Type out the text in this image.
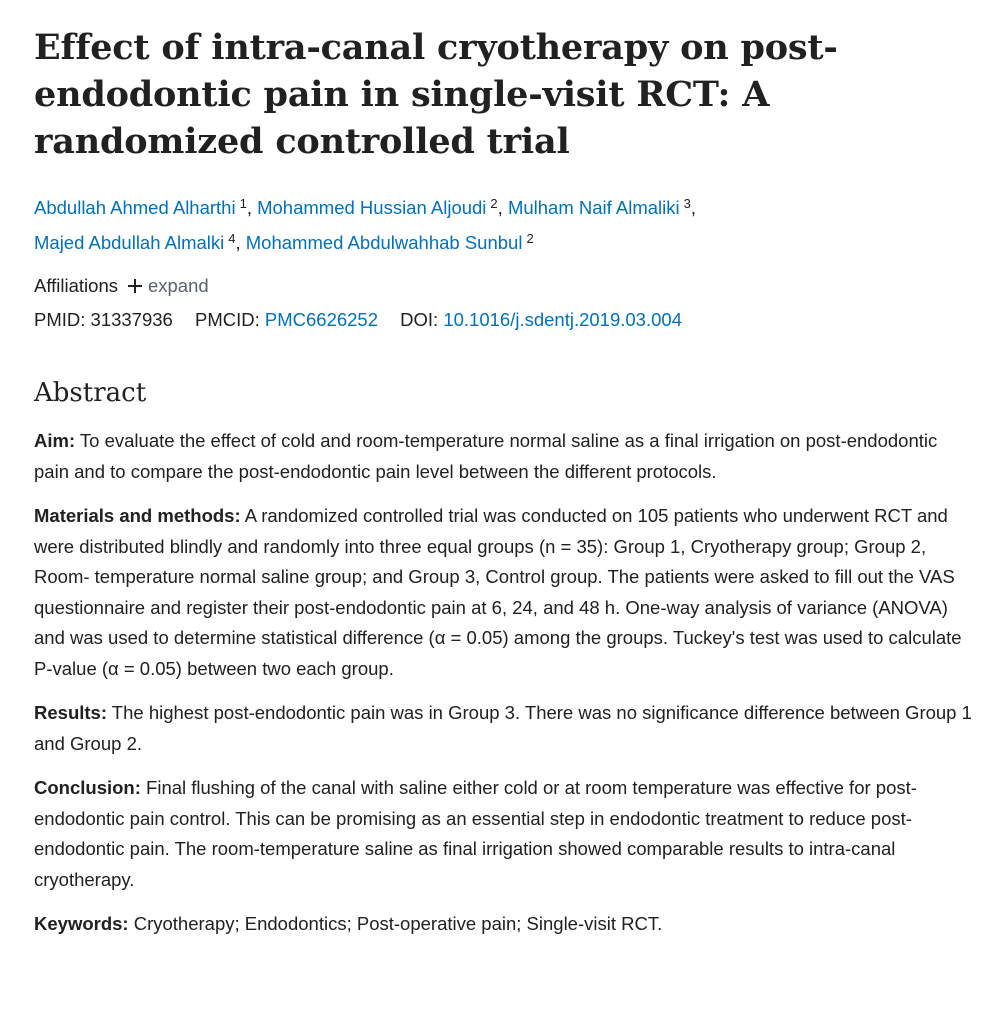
Effect of intra-canal cryotherapy on post-endodontic pain in single-visit RCT: A randomized controlled trial
Abdullah Ahmed Alharthi $^1$, Mohammed Hussian Aljoudi $^2$, Mulham Naif Almaliki $^3$,
Majed Abdullah Almalki $^4$, Mohammed Abdulwahhab Sunbul $^2$
Affiliations expand
PMID: 31337936 PMCID: PMC6626252 DOI: 10.1016/j.sdentj.2019.03.004
Abstract

Aim: To evaluate the effect of cold and room-temperature normal saline as a final irrigation on post-endodontic pain and to compare the post-endodontic pain level between the different protocols.

Materials and methods: A randomized controlled trial was conducted on 105 patients who underwent RCT and were distributed blindly and randomly into three equal groups (n = 35): Group 1, Cryotherapy group; Group 2, Room- temperature normal saline group; and Group 3, Control group. The patients were asked to fill out the VAS questionnaire and register their post-endodontic pain at 6, 24, and 48 h. One-way analysis of variance (ANOVA) and was used to determine statistical difference (α = 0.05) among the groups. Tuckey's test was used to calculate P-value (α = 0.05) between two each group.

Results: The highest post-endodontic pain was in Group 3. There was no significance difference between Group 1 and Group 2.

Conclusion: Final flushing of the canal with saline either cold or at room temperature was effective for post-endodontic pain control. This can be promising as an essential step in endodontic treatment to reduce post-endodontic pain. The room-temperature saline as final irrigation showed comparable results to intra-canal cryotherapy.

Keywords: Cryotherapy; Endodontics; Post-operative pain; Single-visit RCT.
